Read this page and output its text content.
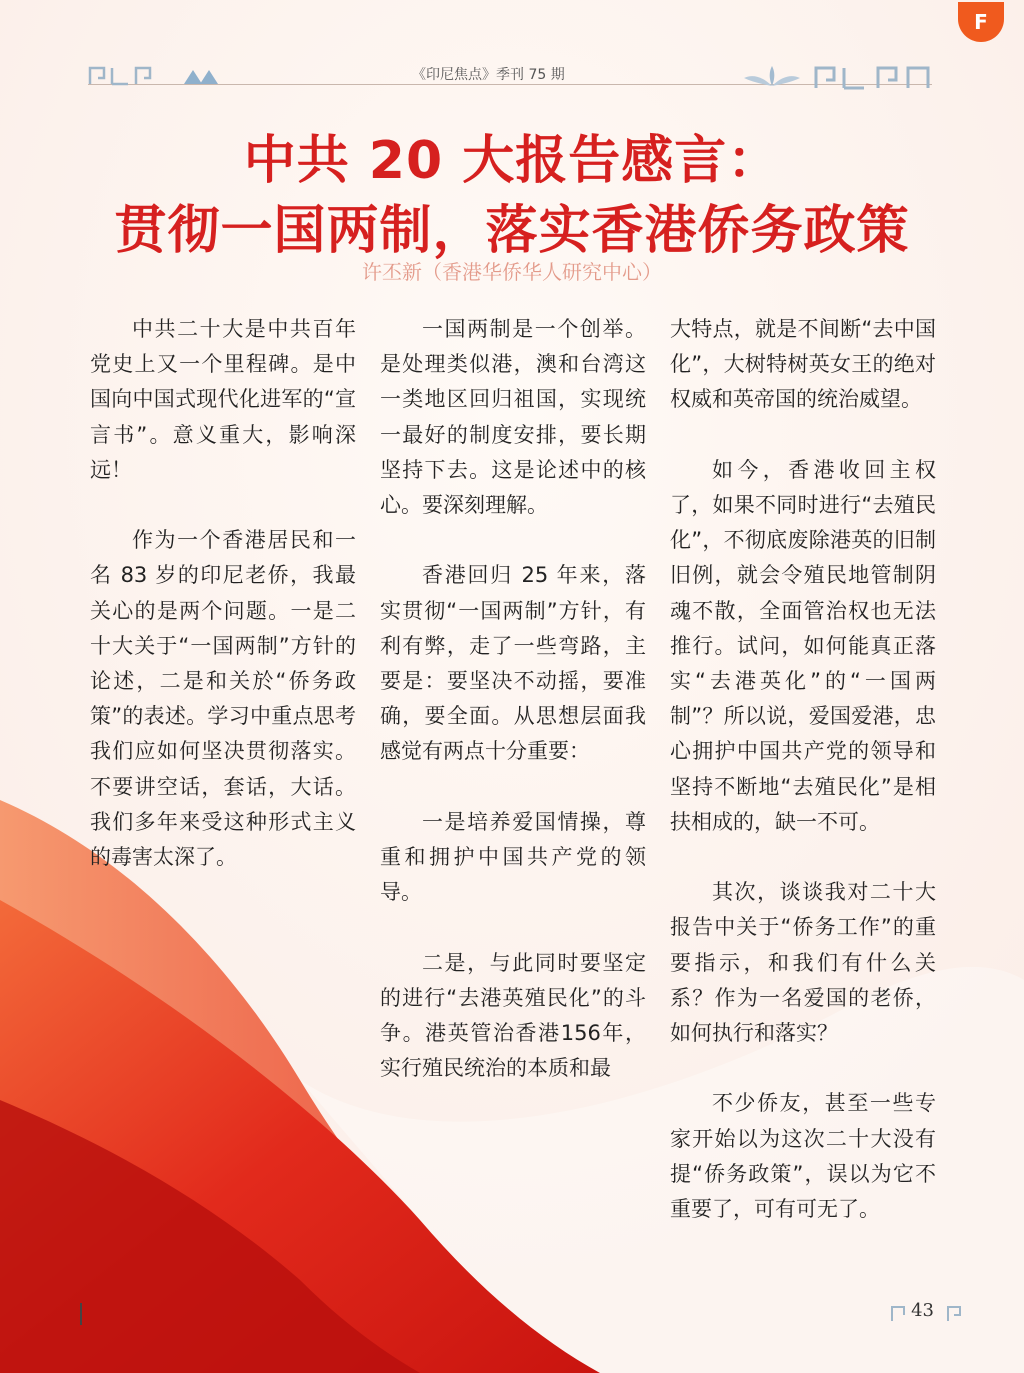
F
《印尼焦点》季刊 75 期
中共 20 大报告感言：
贯彻一国两制，落实香港侨务政策
许丕新（香港华侨华人研究中心）

中共二十大是中共百年党史上又一个里程碑。是中国向中国式现代化进军的“宣言书”。意义重大，影响深远！

作为一个香港居民和一名 83 岁的印尼老侨，我最关心的是两个问题。一是二十大关于“一国两制”方针的论述，二是和关於“侨务政策”的表述。学习中重点思考我们应如何坚决贯彻落实。不要讲空话，套话，大话。我们多年来受这种形式主义的毒害太深了。

一国两制是一个创举。是处理类似港，澳和台湾这一类地区回归祖国，实现统一最好的制度安排，要长期坚持下去。这是论述中的核心。要深刻理解。

香港回归 25 年来，落实贯彻“一国两制”方针，有利有弊，走了一些弯路，主要是：要坚决不动摇，要准确，要全面。从思想层面我感觉有两点十分重要：

一是培养爱国情操，尊重和拥护中国共产党的领导。

二是，与此同时要坚定的进行“去港英殖民化”的斗争。港英管治香港156年，实行殖民统治的本质和最

大特点，就是不间断“去中国化”，大树特树英女王的绝对权威和英帝国的统治威望。

如今，香港收回主权了，如果不同时进行“去殖民化”，不彻底废除港英的旧制旧例，就会令殖民地管制阴魂不散，全面管治权也无法推行。试问，如何能真正落实“去港英化”的“一国两制”？所以说，爱国爱港，忠心拥护中国共产党的领导和坚持不断地“去殖民化”是相扶相成的，缺一不可。

其次，谈谈我对二十大报告中关于“侨务工作”的重要指示，和我们有什么关系？作为一名爱国的老侨，如何执行和落实？

不少侨友，甚至一些专家开始以为这次二十大没有提“侨务政策”，误以为它不重要了，可有可无了。

43
